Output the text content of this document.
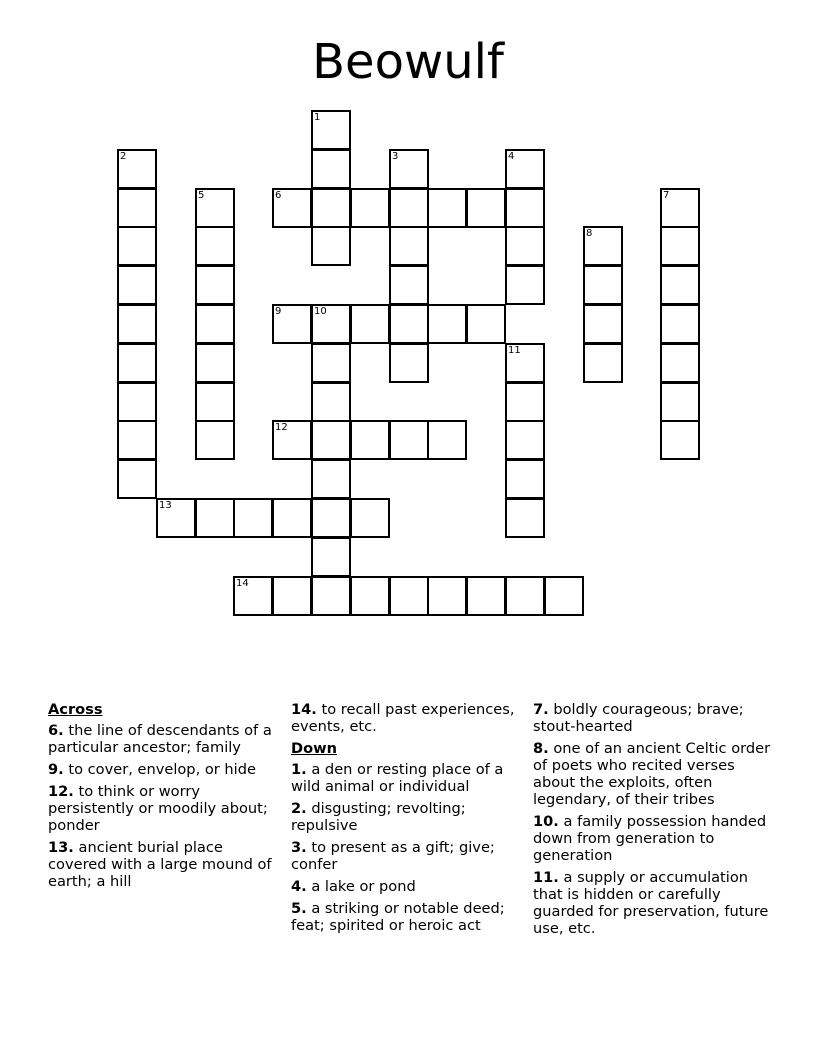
Beowulf
1
2	3	4
5	6	7
8
9	10
11
12
13
14
Across
6. the line of descendants of a particular ancestor; family
9. to cover, envelop, or hide
12. to think or worry persistently or moodily about; ponder
13. ancient burial place covered with a large mound of earth; a hill
14. to recall past experiences, events, etc.
Down
1. a den or resting place of a wild animal or individual
2. disgusting; revolting; repulsive
3. to present as a gift; give; confer
4. a lake or pond
5. a striking or notable deed; feat; spirited or heroic act
7. boldly courageous; brave; stout-hearted
8. one of an ancient Celtic order of poets who recited verses about the exploits, often legendary, of their tribes
10. a family possession handed down from generation to generation
11. a supply or accumulation that is hidden or carefully guarded for preservation, future use, etc.
